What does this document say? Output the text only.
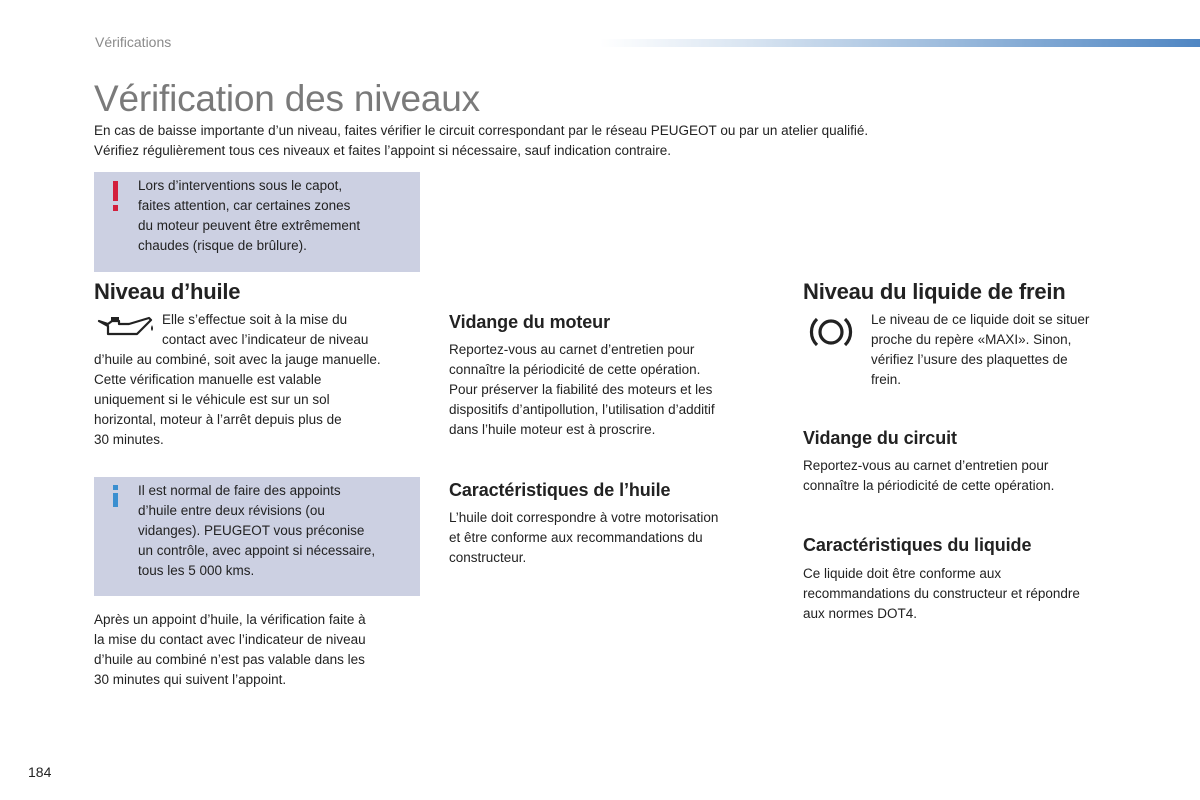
Vérifications
Vérification des niveaux

En cas de baisse importante d’un niveau, faites vérifier le circuit correspondant par le réseau PEUGEOT ou par un atelier qualifié.

Vérifiez régulièrement tous ces niveaux et faites l’appoint si nécessaire, sauf indication contraire.

Lors d’interventions sous le capot,
faites attention, car certaines zones
du moteur peuvent être extrêmement
chaudes (risque de brûlure).
Niveau d’huile
Elle s’effectue soit à la mise du
contact avec l’indicateur de niveau
d’huile au combiné, soit avec la jauge manuelle.
Cette vérification manuelle est valable
uniquement si le véhicule est sur un sol
horizontal, moteur à l’arrêt depuis plus de
30 minutes.
Il est normal de faire des appoints
d’huile entre deux révisions (ou
vidanges). PEUGEOT vous préconise
un contrôle, avec appoint si nécessaire,
tous les 5 000 kms.
Après un appoint d’huile, la vérification faite à
la mise du contact avec l’indicateur de niveau
d’huile au combiné n’est pas valable dans les
30 minutes qui suivent l’appoint.
Vidange du moteur
Reportez-vous au carnet d’entretien pour
connaître la périodicité de cette opération.
Pour préserver la fiabilité des moteurs et les
dispositifs d’antipollution, l’utilisation d’additif
dans l’huile moteur est à proscrire.
Caractéristiques de l’huile
L’huile doit correspondre à votre motorisation
et être conforme aux recommandations du
constructeur.
Niveau du liquide de frein
Le niveau de ce liquide doit se situer
proche du repère «MAXI». Sinon,
vérifiez l’usure des plaquettes de
frein.
Vidange du circuit
Reportez-vous au carnet d’entretien pour
connaître la périodicité de cette opération.
Caractéristiques du liquide
Ce liquide doit être conforme aux
recommandations du constructeur et répondre
aux normes DOT4.
184
